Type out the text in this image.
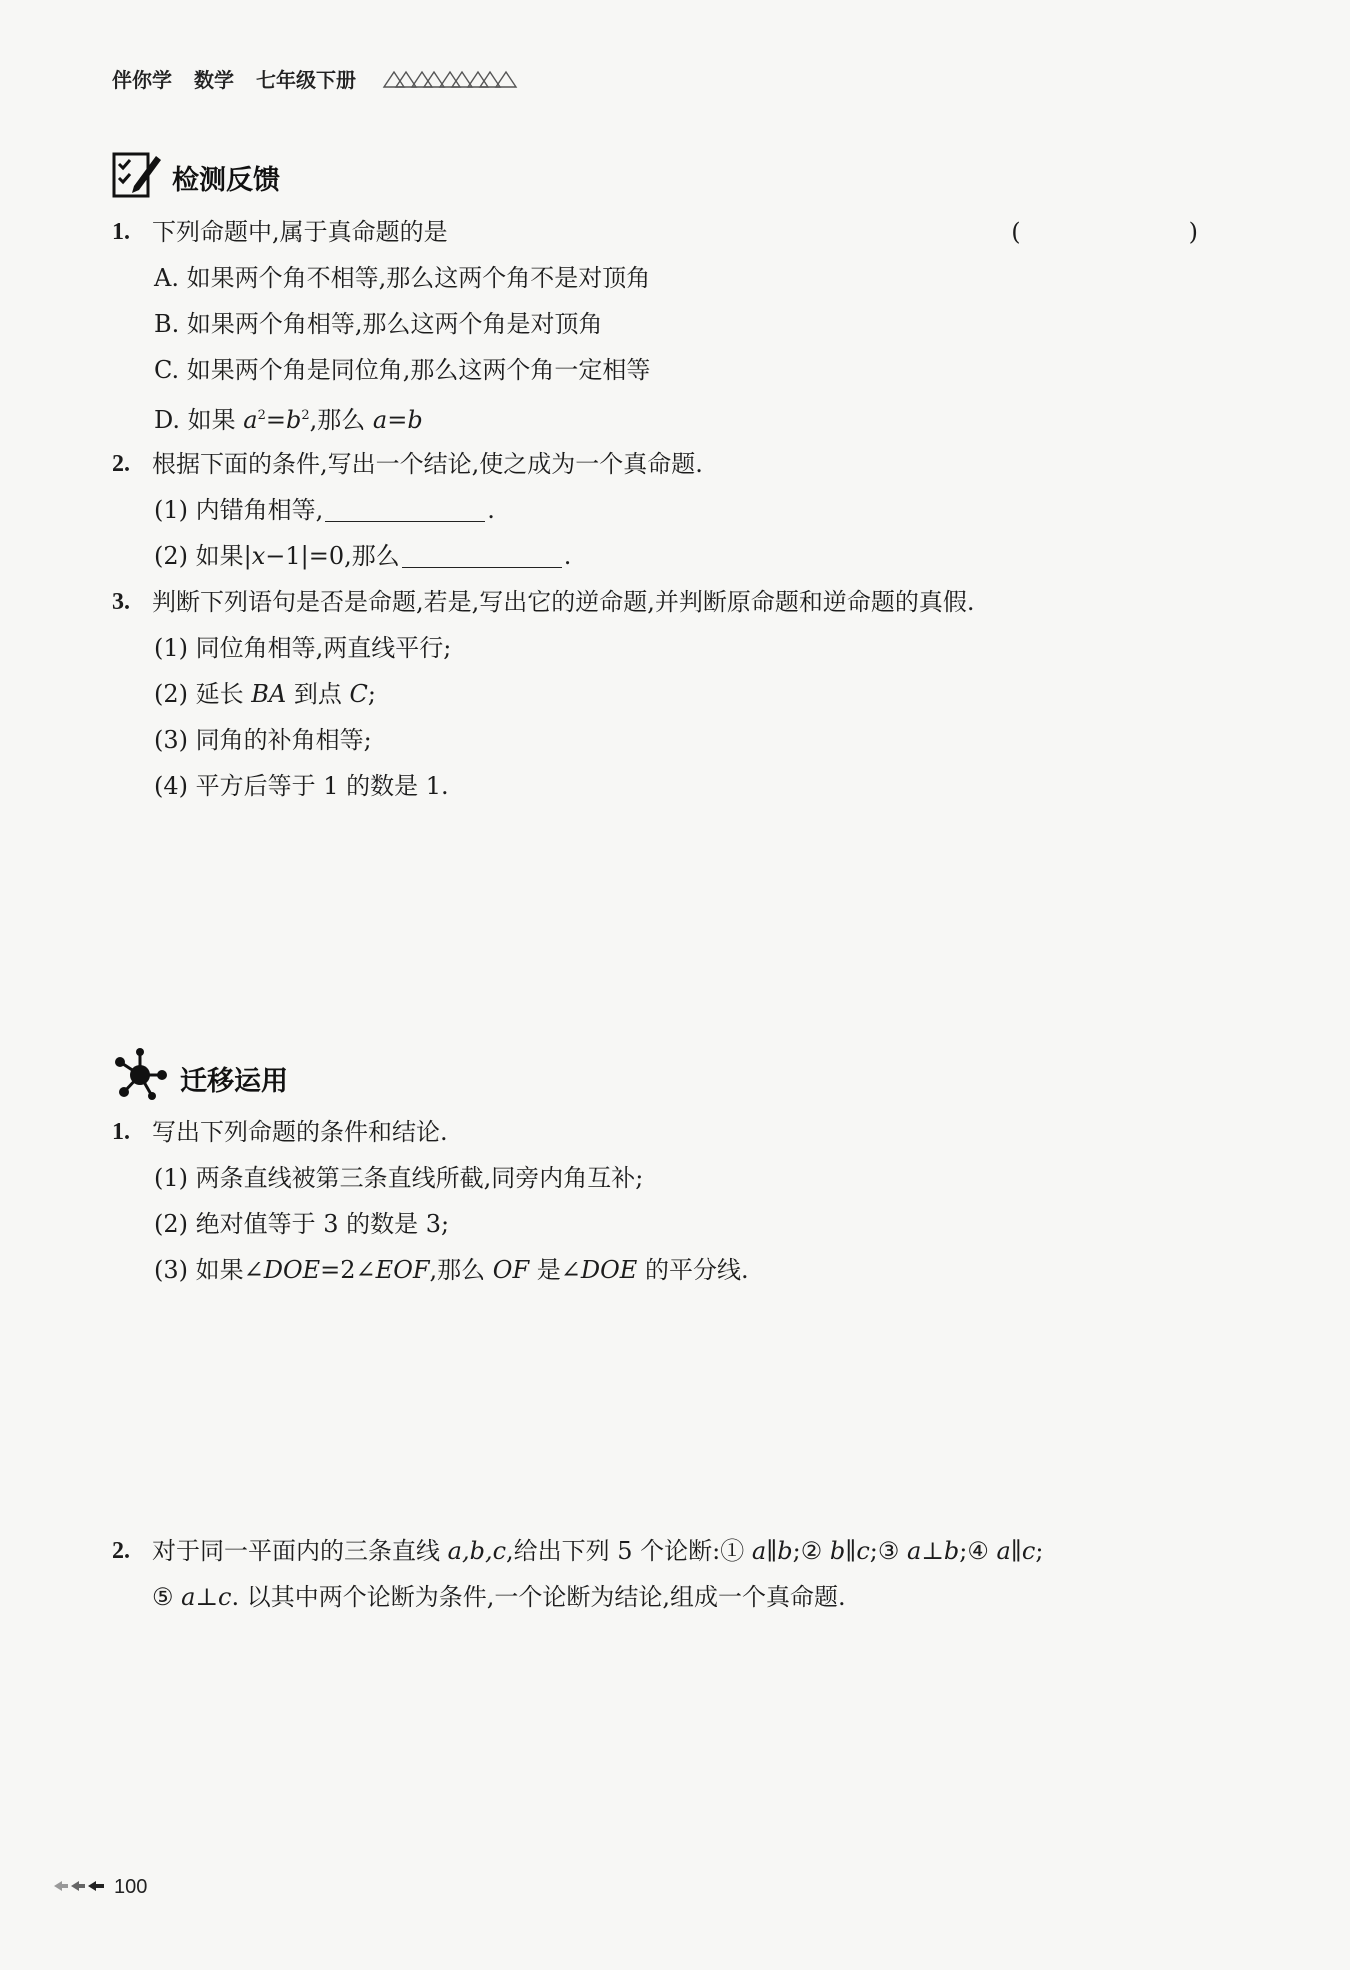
伴你学 数学 七年级下册
检测反馈
1. 下列命题中,属于真命题的是	(　　)
A. 如果两个角不相等,那么这两个角不是对顶角
B. 如果两个角相等,那么这两个角是对顶角
C. 如果两个角是同位角,那么这两个角一定相等
D. 如果 $a^2=b^2$,那么 a=b
2. 根据下面的条件,写出一个结论,使之成为一个真命题.
(1) 内错角相等,	.
(2) 如果|x−1|=0,那么	.
3. 判断下列语句是否是命题,若是,写出它的逆命题,并判断原命题和逆命题的真假.
(1) 同位角相等,两直线平行;
(2) 延长 BA 到点 C;
(3) 同角的补角相等;
(4) 平方后等于 1 的数是 1.
迁移运用
1. 写出下列命题的条件和结论.
(1) 两条直线被第三条直线所截,同旁内角互补;
(2) 绝对值等于 3 的数是 3;
(3) 如果∠DOE=2∠EOF,那么 OF 是∠DOE 的平分线.
2. 对于同一平面内的三条直线 a,b,c,给出下列 5 个论断:① a∥b;② b∥c;③ a⊥b;④ a∥c;
⑤ a⊥c. 以其中两个论断为条件,一个论断为结论,组成一个真命题.
100
